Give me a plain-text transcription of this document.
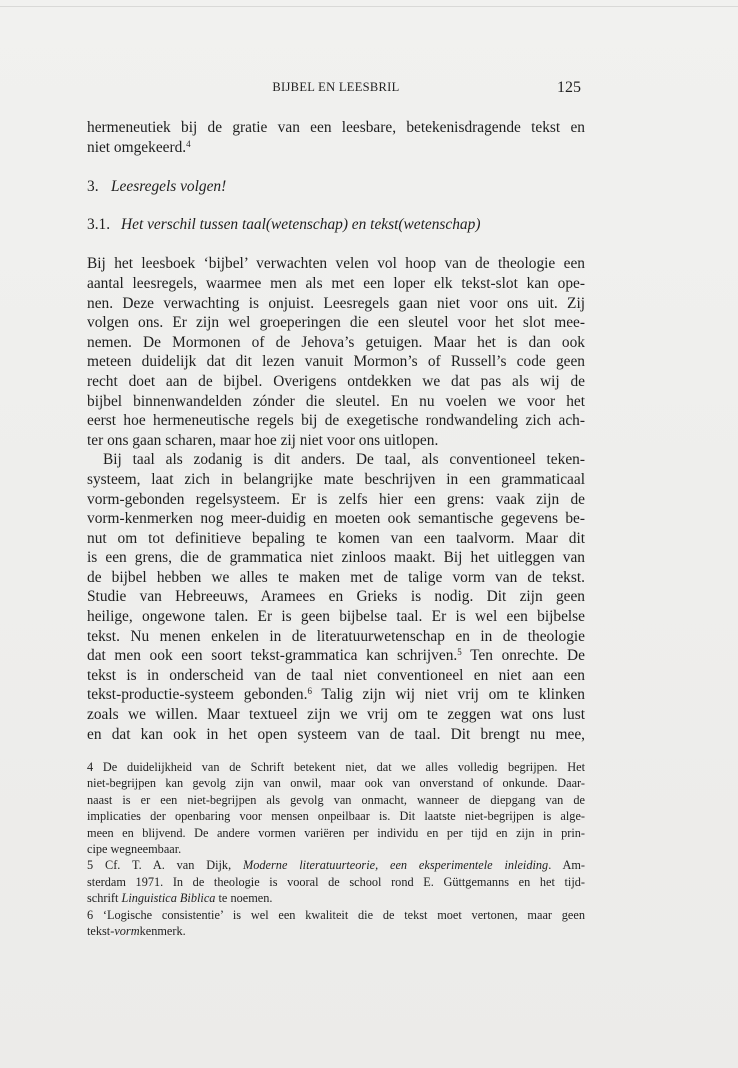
BIJBEL EN LEESBRIL	125

hermeneutiek bij de gratie van een leesbare, betekenisdragende tekst en
niet omgekeerd.$^4$

3. Leesregels volgen!

3.1. Het verschil tussen taal(wetenschap) en tekst(wetenschap)

Bij het leesboek ‘bijbel’ verwachten velen vol hoop van de theologie een
aantal leesregels, waarmee men als met een loper elk tekst-slot kan ope-
nen. Deze verwachting is onjuist. Leesregels gaan niet voor ons uit. Zij
volgen ons. Er zijn wel groeperingen die een sleutel voor het slot mee-
nemen. De Mormonen of de Jehova’s getuigen. Maar het is dan ook
meteen duidelijk dat dit lezen vanuit Mormon’s of Russell’s code geen
recht doet aan de bijbel. Overigens ontdekken we dat pas als wij de
bijbel binnenwandelden zónder die sleutel. En nu voelen we voor het
eerst hoe hermeneutische regels bij de exegetische rondwandeling zich ach-
ter ons gaan scharen, maar hoe zij niet voor ons uitlopen.

Bij taal als zodanig is dit anders. De taal, als conventioneel teken-
systeem, laat zich in belangrijke mate beschrijven in een grammaticaal
vorm-gebonden regelsysteem. Er is zelfs hier een grens: vaak zijn de
vorm-kenmerken nog meer-duidig en moeten ook semantische gegevens be-
nut om tot definitieve bepaling te komen van een taalvorm. Maar dit
is een grens, die de grammatica niet zinloos maakt. Bij het uitleggen van
de bijbel hebben we alles te maken met de talige vorm van de tekst.
Studie van Hebreeuws, Aramees en Grieks is nodig. Dit zijn geen
heilige, ongewone talen. Er is geen bijbelse taal. Er is wel een bijbelse
tekst. Nu menen enkelen in de literatuurwetenschap en in de theologie
dat men ook een soort tekst-grammatica kan schrijven.$^5$ Ten onrechte. De
tekst is in onderscheid van de taal niet conventioneel en niet aan een
tekst-productie-systeem gebonden.$^6$ Talig zijn wij niet vrij om te klinken
zoals we willen. Maar textueel zijn we vrij om te zeggen wat ons lust
en dat kan ook in het open systeem van de taal. Dit brengt nu mee,

4 De duidelijkheid van de Schrift betekent niet, dat we alles volledig begrijpen. Het
niet-begrijpen kan gevolg zijn van onwil, maar ook van onverstand of onkunde. Daar-
naast is er een niet-begrijpen als gevolg van onmacht, wanneer de diepgang van de
implicaties der openbaring voor mensen onpeilbaar is. Dit laatste niet-begrijpen is alge-
meen en blijvend. De andere vormen variëren per individu en per tijd en zijn in prin-
cipe wegneembaar.

5 Cf. T. A. van Dijk, Moderne literatuurteorie, een eksperimentele inleiding. Am-
sterdam 1971. In de theologie is vooral de school rond E. Güttgemanns en het tijd-
schrift Linguistica Biblica te noemen.

6 ‘Logische consistentie’ is wel een kwaliteit die de tekst moet vertonen, maar geen
tekst-vormkenmerk.
